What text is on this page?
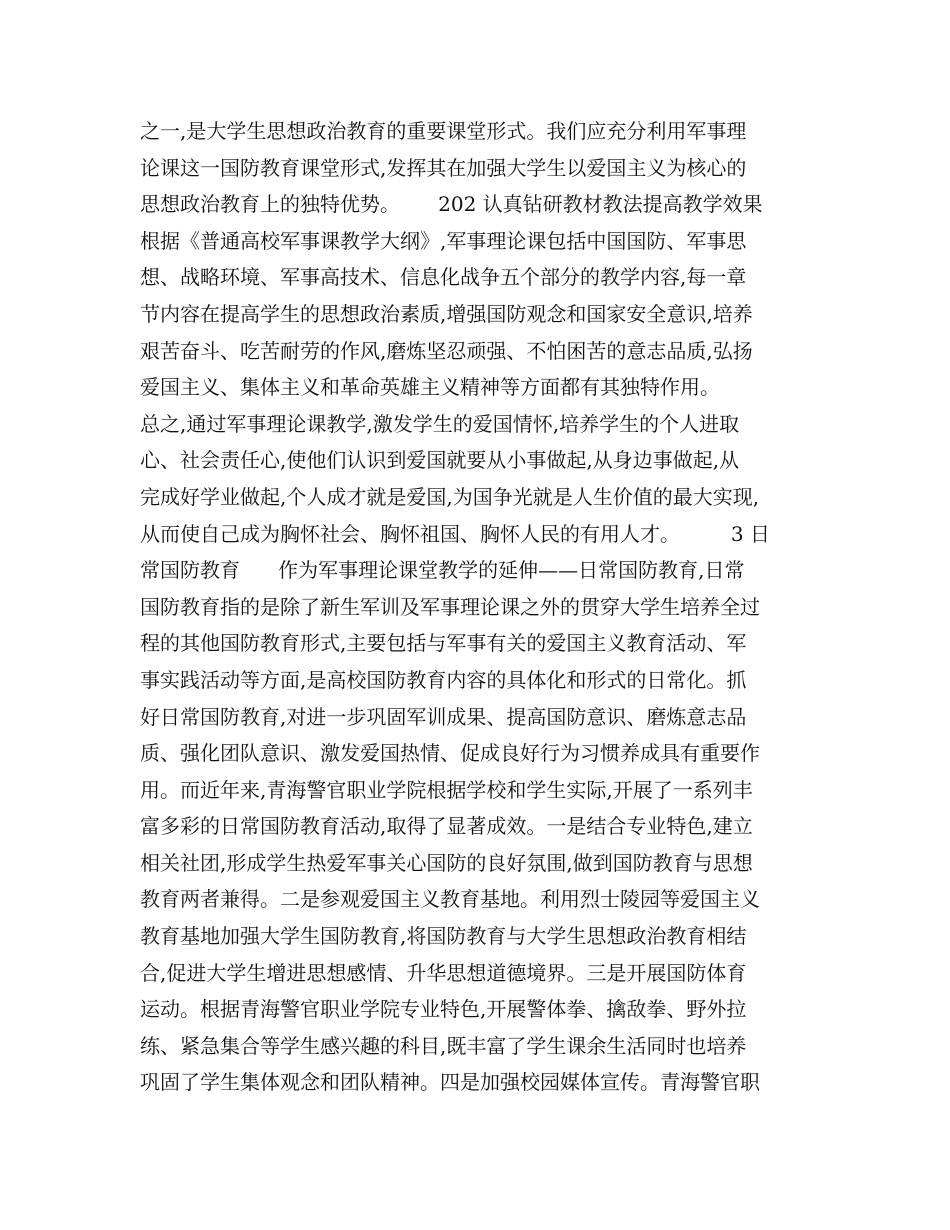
之一,是大学生思想政治教育的重要课堂形式。我们应充分利用军事理
论课这一国防教育课堂形式,发挥其在加强大学生以爱国主义为核心的
思想政治教育上的独特优势。      202 认真钻研教材教法提高教学效果
根据《普通高校军事课教学大纲》,军事理论课包括中国国防、军事思
想、战略环境、军事高技术、信息化战争五个部分的教学内容,每一章
节内容在提高学生的思想政治素质,增强国防观念和国家安全意识,培养
艰苦奋斗、吃苦耐劳的作风,磨炼坚忍顽强、不怕困苦的意志品质,弘扬
爱国主义、集体主义和革命英雄主义精神等方面都有其独特作用。
总之,通过军事理论课教学,激发学生的爱国情怀,培养学生的个人进取
心、社会责任心,使他们认识到爱国就要从小事做起,从身边事做起,从
完成好学业做起,个人成才就是爱国,为国争光就是人生价值的最大实现,
从而使自己成为胸怀社会、胸怀祖国、胸怀人民的有用人才。        3 日
常国防教育      作为军事理论课堂教学的延伸——日常国防教育,日常
国防教育指的是除了新生军训及军事理论课之外的贯穿大学生培养全过
程的其他国防教育形式,主要包括与军事有关的爱国主义教育活动、军
事实践活动等方面,是高校国防教育内容的具体化和形式的日常化。抓
好日常国防教育,对进一步巩固军训成果、提高国防意识、磨炼意志品
质、强化团队意识、激发爱国热情、促成良好行为习惯养成具有重要作
用。而近年来,青海警官职业学院根据学校和学生实际,开展了一系列丰
富多彩的日常国防教育活动,取得了显著成效。一是结合专业特色,建立
相关社团,形成学生热爱军事关心国防的良好氛围,做到国防教育与思想
教育两者兼得。二是参观爱国主义教育基地。利用烈士陵园等爱国主义
教育基地加强大学生国防教育,将国防教育与大学生思想政治教育相结
合,促进大学生增进思想感情、升华思想道德境界。三是开展国防体育
运动。根据青海警官职业学院专业特色,开展警体拳、擒敌拳、野外拉
练、紧急集合等学生感兴趣的科目,既丰富了学生课余生活同时也培养
巩固了学生集体观念和团队精神。四是加强校园媒体宣传。青海警官职
